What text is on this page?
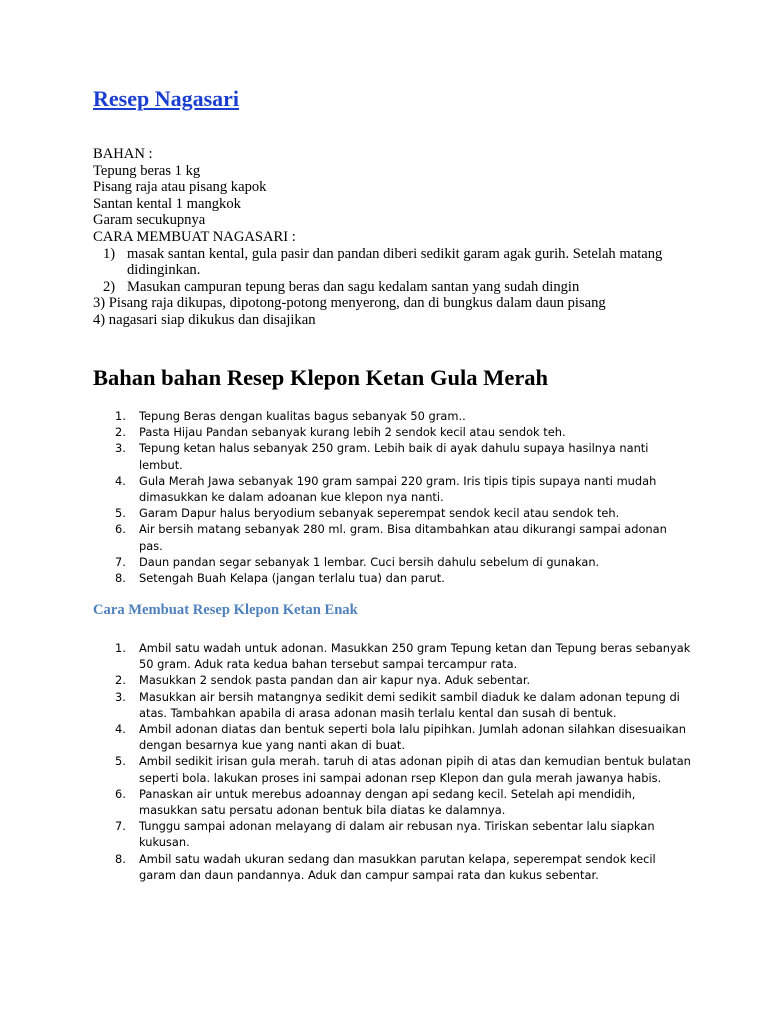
Resep Nagasari
BAHAN :
Tepung beras 1 kg
Pisang raja atau pisang kapok
Santan kental 1 mangkok
Garam secukupnya
CARA MEMBUAT NAGASARI :
1) masak santan kental, gula pasir dan pandan diberi sedikit garam agak gurih. Setelah matang didinginkan.
2) Masukan campuran tepung beras dan sagu kedalam santan yang sudah dingin
3) Pisang raja dikupas, dipotong-potong menyerong, dan di bungkus dalam daun pisang
4) nagasari siap dikukus dan disajikan
Bahan bahan Resep Klepon Ketan Gula Merah
1. Tepung Beras dengan kualitas bagus sebanyak 50 gram..
2. Pasta Hijau Pandan sebanyak kurang lebih 2 sendok kecil atau sendok teh.
3. Tepung ketan halus sebanyak 250 gram. Lebih baik di ayak dahulu supaya hasilnya nanti lembut.
4. Gula Merah Jawa sebanyak 190 gram sampai 220 gram. Iris tipis tipis supaya nanti mudah dimasukkan ke dalam adoanan kue klepon nya nanti.
5. Garam Dapur halus beryodium sebanyak seperempat sendok kecil atau sendok teh.
6. Air bersih matang sebanyak 280 ml. gram. Bisa ditambahkan atau dikurangi sampai adonan pas.
7. Daun pandan segar sebanyak 1 lembar. Cuci bersih dahulu sebelum di gunakan.
8. Setengah Buah Kelapa (jangan terlalu tua) dan parut.
Cara Membuat Resep Klepon Ketan Enak
1. Ambil satu wadah untuk adonan. Masukkan 250 gram Tepung ketan dan Tepung beras sebanyak 50 gram. Aduk rata kedua bahan tersebut sampai tercampur rata.
2. Masukkan 2 sendok pasta pandan dan air kapur nya. Aduk sebentar.
3. Masukkan air bersih matangnya sedikit demi sedikit sambil diaduk ke dalam adonan tepung di atas. Tambahkan apabila di arasa adonan masih terlalu kental dan susah di bentuk.
4. Ambil adonan diatas dan bentuk seperti bola lalu pipihkan. Jumlah adonan silahkan disesuaikan dengan besarnya kue yang nanti akan di buat.
5. Ambil sedikit irisan gula merah. taruh di atas adonan pipih di atas dan kemudian bentuk bulatan seperti bola. lakukan proses ini sampai adonan rsep Klepon dan gula merah jawanya habis.
6. Panaskan air untuk merebus adoannay dengan api sedang kecil. Setelah api mendidih, masukkan satu persatu adonan bentuk bila diatas ke dalamnya.
7. Tunggu sampai adonan melayang di dalam air rebusan nya. Tiriskan sebentar lalu siapkan kukusan.
8. Ambil satu wadah ukuran sedang dan masukkan parutan kelapa, seperempat sendok kecil garam dan daun pandannya. Aduk dan campur sampai rata dan kukus sebentar.
